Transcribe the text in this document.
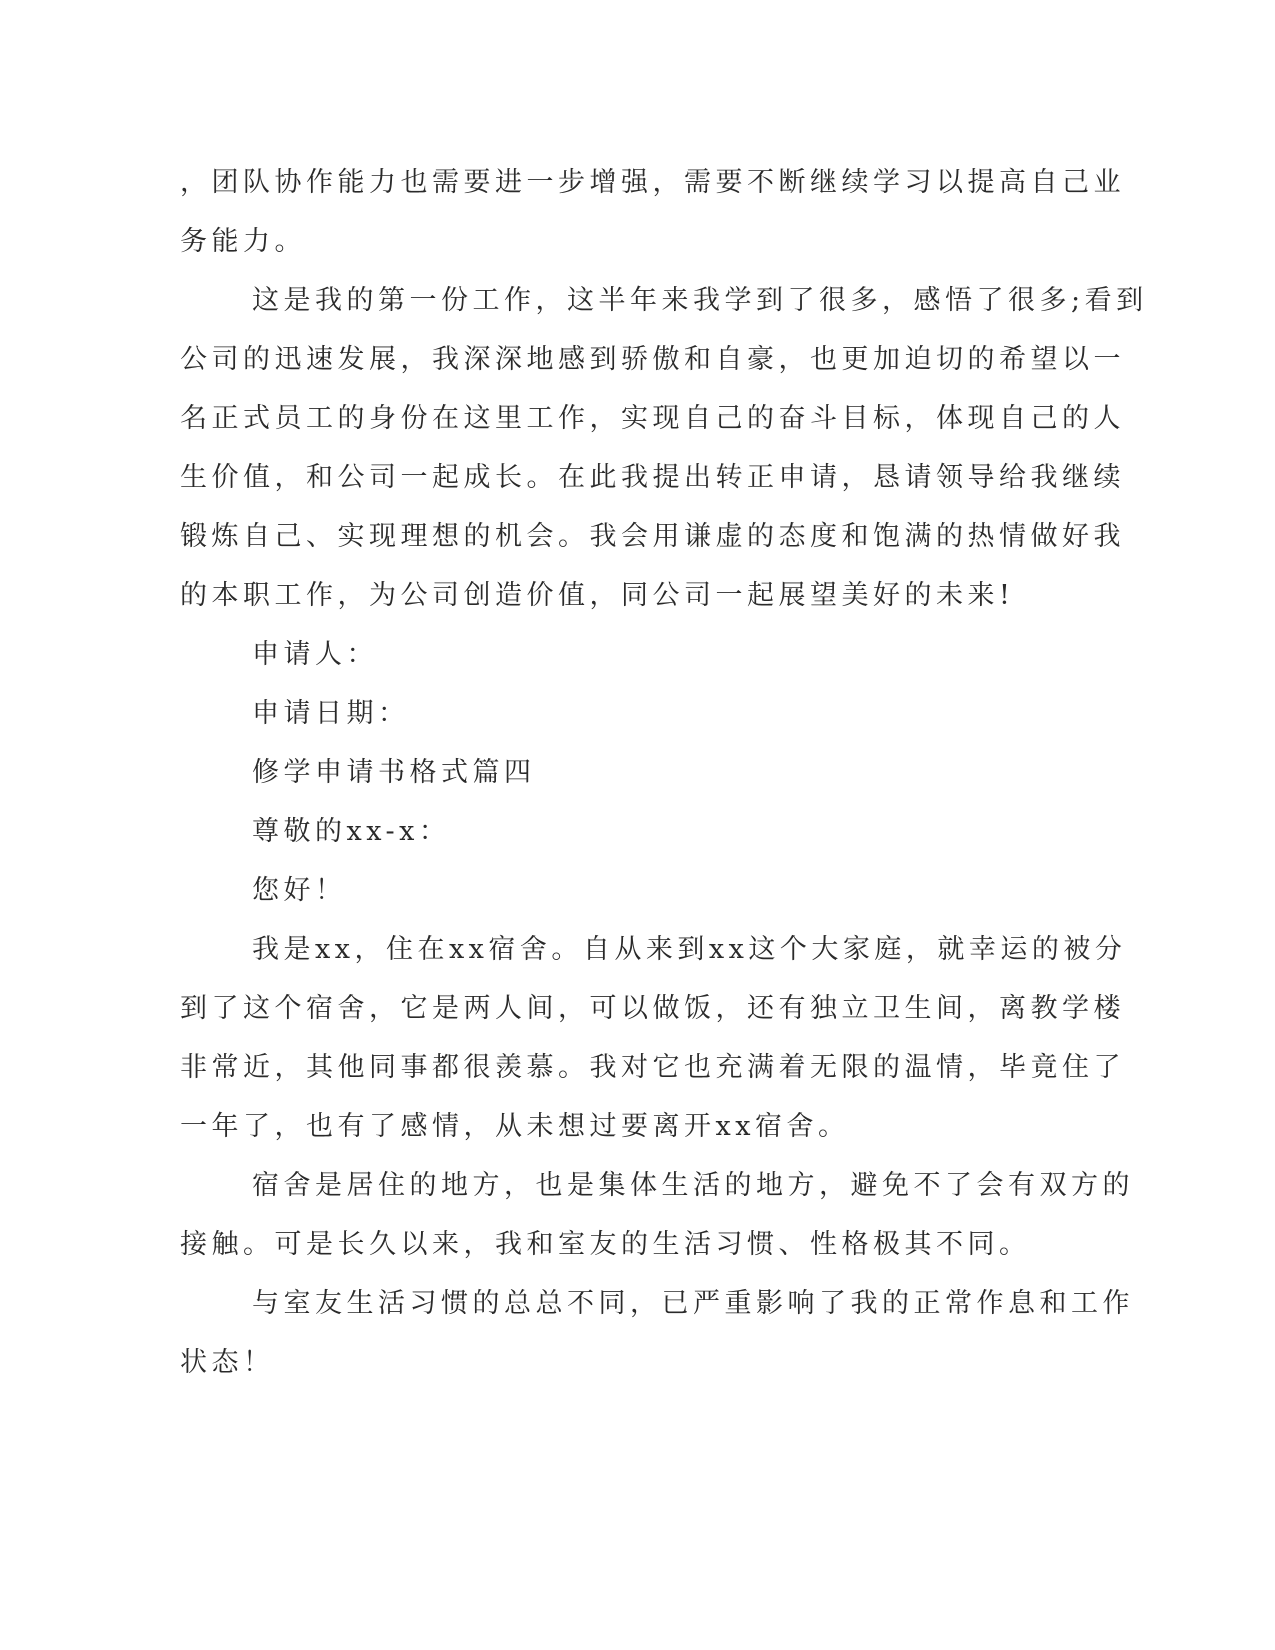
，团队协作能力也需要进一步增强，需要不断继续学习以提高自己业
务能力。
这是我的第一份工作，这半年来我学到了很多，感悟了很多;看到
公司的迅速发展，我深深地感到骄傲和自豪，也更加迫切的希望以一
名正式员工的身份在这里工作，实现自己的奋斗目标，体现自己的人
生价值，和公司一起成长。在此我提出转正申请，恳请领导给我继续
锻炼自己、实现理想的机会。我会用谦虚的态度和饱满的热情做好我
的本职工作，为公司创造价值，同公司一起展望美好的未来!
申请人：
申请日期：
修学申请书格式篇四
尊敬的xx-x：
您好！
我是xx，住在xx宿舍。自从来到xx这个大家庭，就幸运的被分
到了这个宿舍，它是两人间，可以做饭，还有独立卫生间，离教学楼
非常近，其他同事都很羡慕。我对它也充满着无限的温情，毕竟住了
一年了，也有了感情，从未想过要离开xx宿舍。
宿舍是居住的地方，也是集体生活的地方，避免不了会有双方的
接触。可是长久以来，我和室友的生活习惯、性格极其不同。
与室友生活习惯的总总不同，已严重影响了我的正常作息和工作
状态！
